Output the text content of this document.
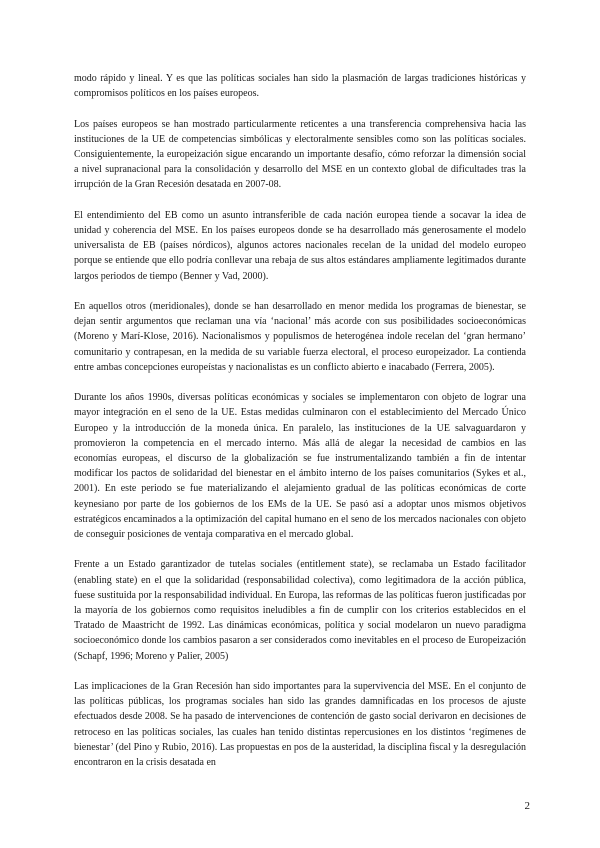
modo rápido y lineal. Y es que las políticas sociales han sido la plasmación de largas tradiciones históricas y compromisos políticos en los países europeos.

Los países europeos se han mostrado particularmente reticentes a una transferencia comprehensiva hacia las instituciones de la UE de competencias simbólicas y electoralmente sensibles como son las políticas sociales. Consiguientemente, la europeización sigue encarando un importante desafío, cómo reforzar la dimensión social a nivel supranacional para la consolidación y desarrollo del MSE en un contexto global de dificultades tras la irrupción de la Gran Recesión desatada en 2007-08.

El entendimiento del EB como un asunto intransferible de cada nación europea tiende a socavar la idea de unidad y coherencia del MSE. En los países europeos donde se ha desarrollado más generosamente el modelo universalista de EB (países nórdicos), algunos actores nacionales recelan de la unidad del modelo europeo porque se entiende que ello podría conllevar una rebaja de sus altos estándares ampliamente legitimados durante largos periodos de tiempo (Benner y Vad, 2000).

En aquellos otros (meridionales), donde se han desarrollado en menor medida los programas de bienestar, se dejan sentir argumentos que reclaman una vía ‘nacional’ más acorde con sus posibilidades socioeconómicas (Moreno y Marí-Klose, 2016). Nacionalismos y populismos de heterogénea índole recelan del ‘gran hermano’ comunitario y contrapesan, en la medida de su variable fuerza electoral, el proceso europeizador. La contienda entre ambas concepciones europeístas y nacionalistas es un conflicto abierto e inacabado (Ferrera, 2005).

Durante los años 1990s, diversas políticas económicas y sociales se implementaron con objeto de lograr una mayor integración en el seno de la UE. Estas medidas culminaron con el establecimiento del Mercado Único Europeo y la introducción de la moneda única. En paralelo, las instituciones de la UE salvaguardaron y promovieron la competencia en el mercado interno. Más allá de alegar la necesidad de cambios en las economías europeas, el discurso de la globalización se fue instrumentalizando también a fin de intentar modificar los pactos de solidaridad del bienestar en el ámbito interno de los países comunitarios (Sykes et al., 2001). En este periodo se fue materializando el alejamiento gradual de las políticas económicas de corte keynesiano por parte de los gobiernos de los EMs de la UE. Se pasó así a adoptar unos mismos objetivos estratégicos encaminados a la optimización del capital humano en el seno de los mercados nacionales con objeto de conseguir posiciones de ventaja comparativa en el mercado global.

Frente a un Estado garantizador de tutelas sociales (entitlement state), se reclamaba un Estado facilitador (enabling state) en el que la solidaridad (responsabilidad colectiva), como legitimadora de la acción pública, fuese sustituida por la responsabilidad individual. En Europa, las reformas de las políticas fueron justificadas por la mayoría de los gobiernos como requisitos ineludibles a fin de cumplir con los criterios establecidos en el Tratado de Maastricht de 1992. Las dinámicas económicas, política y social modelaron un nuevo paradigma socioeconómico donde los cambios pasaron a ser considerados como inevitables en el proceso de Europeización (Schapf, 1996; Moreno y Palier, 2005)

Las implicaciones de la Gran Recesión han sido importantes para la supervivencia del MSE. En el conjunto de las políticas públicas, los programas sociales han sido las grandes damnificadas en los procesos de ajuste efectuados desde 2008. Se ha pasado de intervenciones de contención de gasto social derivaron en decisiones de retroceso en las políticas sociales, las cuales han tenido distintas repercusiones en los distintos ‘regímenes de bienestar’ (del Pino y Rubio, 2016). Las propuestas en pos de la austeridad, la disciplina fiscal y la desregulación encontraron en la crisis desatada en

2
